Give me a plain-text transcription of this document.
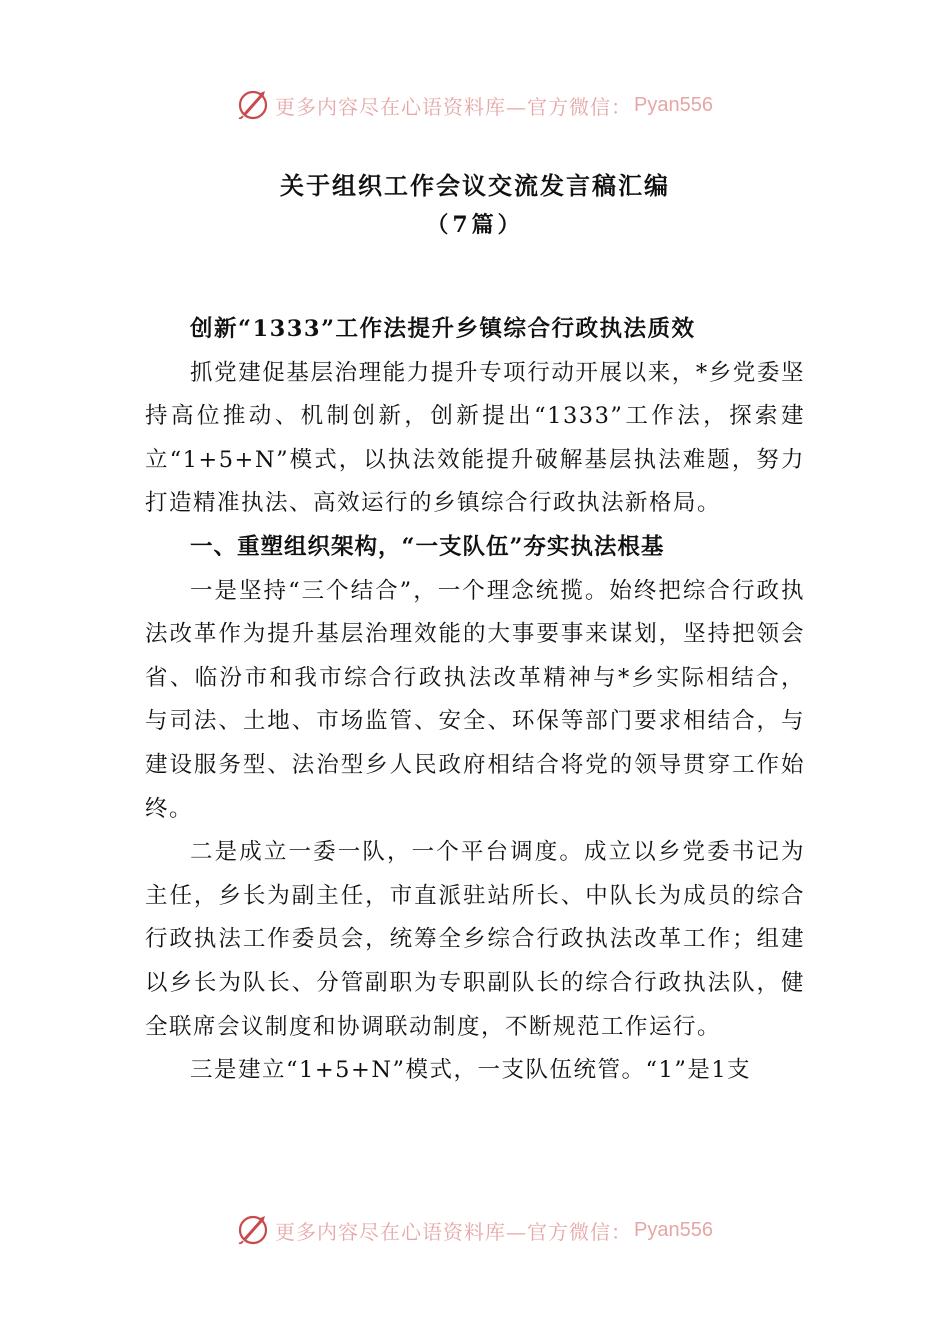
更多内容尽在心语资料库—官方微信： Pyan556
关于组织工作会议交流发言稿汇编
（7篇）

创新“1333”工作法提升乡镇综合行政执法质效

抓党建促基层治理能力提升专项行动开展以来，*乡党委坚持高位推动、机制创新，创新提出“1333”工作法，探索建立“1+5+N”模式，以执法效能提升破解基层执法难题，努力打造精准执法、高效运行的乡镇综合行政执法新格局。

一、重塑组织架构，“一支队伍”夯实执法根基

一是坚持“三个结合”，一个理念统揽。始终把综合行政执法改革作为提升基层治理效能的大事要事来谋划，坚持把领会省、临汾市和我市综合行政执法改革精神与*乡实际相结合，与司法、土地、市场监管、安全、环保等部门要求相结合，与建设服务型、法治型乡人民政府相结合将党的领导贯穿工作始终。

二是成立一委一队，一个平台调度。成立以乡党委书记为主任，乡长为副主任，市直派驻站所长、中队长为成员的综合行政执法工作委员会，统筹全乡综合行政执法改革工作；组建以乡长为队长、分管副职为专职副队长的综合行政执法队，健全联席会议制度和协调联动制度，不断规范工作运行。

三是建立“1+5+N”模式，一支队伍统管。“1”是1支

更多内容尽在心语资料库—官方微信： Pyan556
